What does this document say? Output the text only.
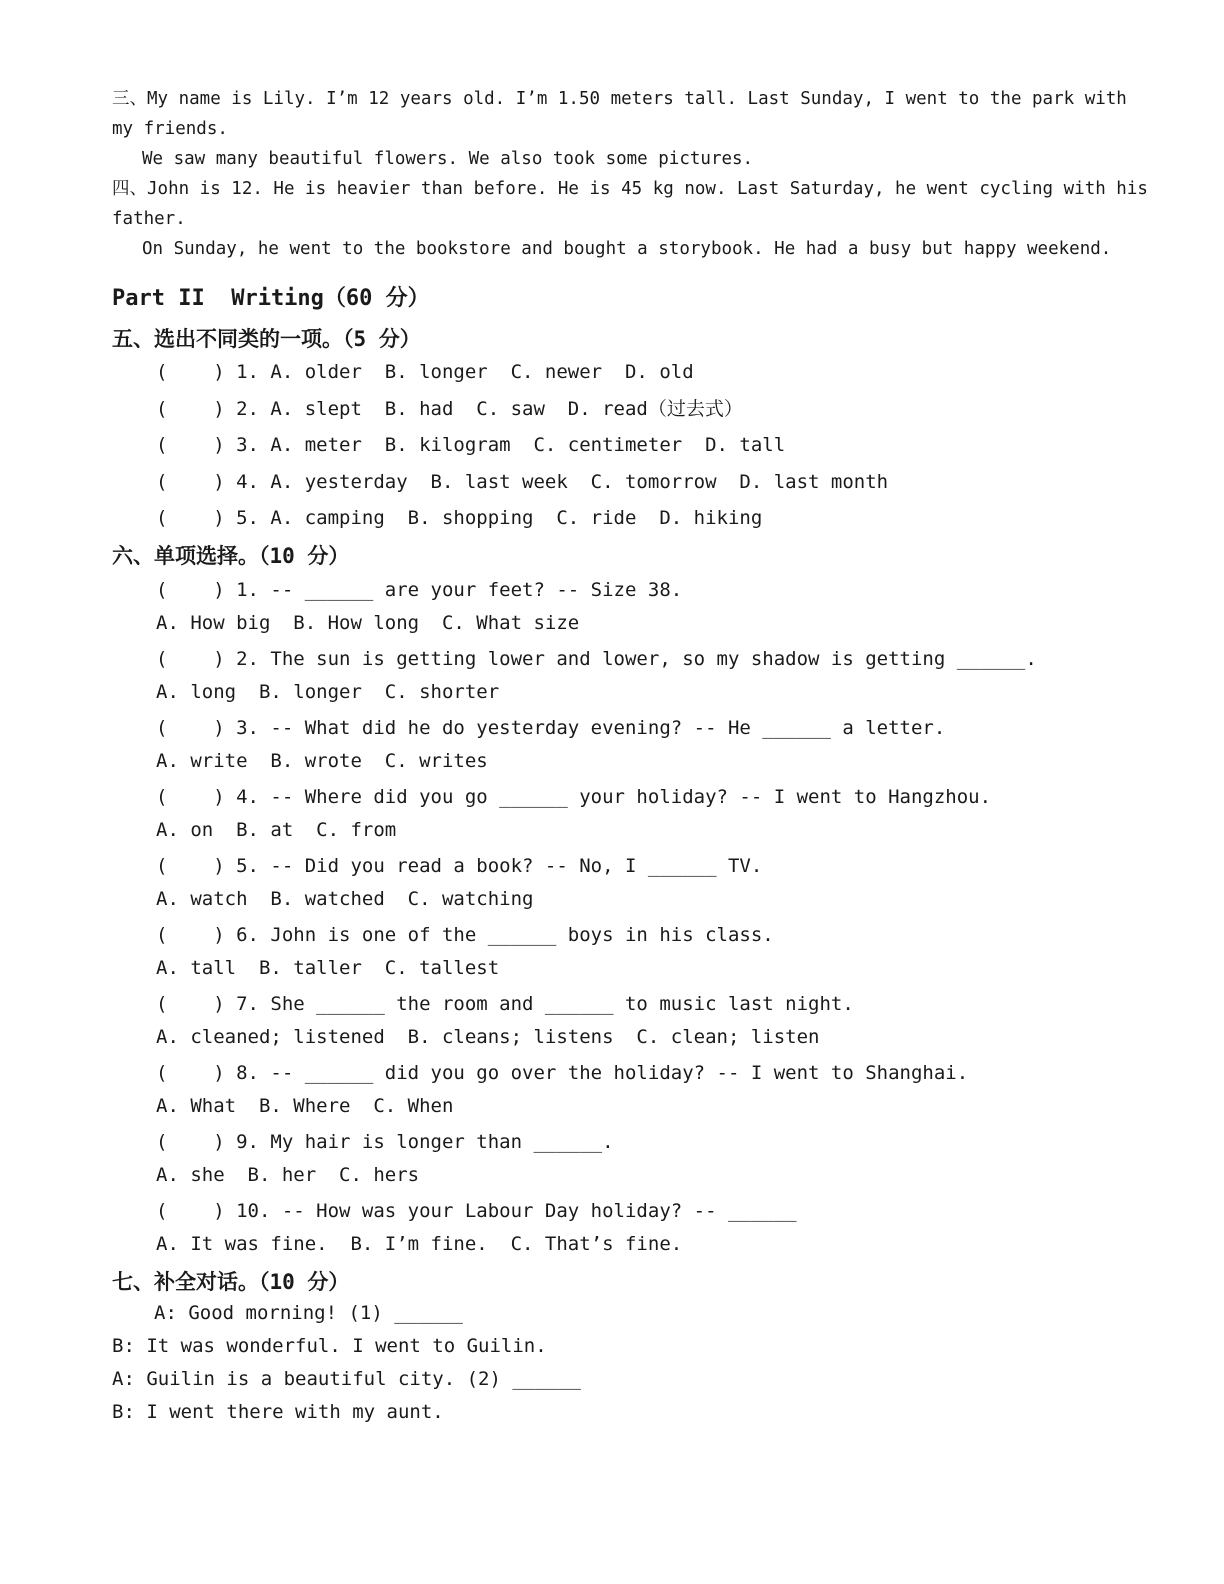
三、My name is Lily. I’m 12 years old. I’m 1.50 meters tall. Last Sunday, I went to the park with
my friends.
We saw many beautiful flowers. We also took some pictures.
四、John is 12. He is heavier than before. He is 45 kg now. Last Saturday, he went cycling with his
father.
On Sunday, he went to the bookstore and bought a storybook. He had a busy but happy weekend.
Part II  Writing（60 分）
五、选出不同类的一项。（5 分）
(    ) 1. A. older  B. longer  C. newer  D. old
(    ) 2. A. slept  B. had  C. saw  D. read（过去式）
(    ) 3. A. meter  B. kilogram  C. centimeter  D. tall
(    ) 4. A. yesterday  B. last week  C. tomorrow  D. last month
(    ) 5. A. camping  B. shopping  C. ride  D. hiking
六、单项选择。（10 分）
(    ) 1. -- ______ are your feet? -- Size 38.
A. How big  B. How long  C. What size
(    ) 2. The sun is getting lower and lower, so my shadow is getting ______.
A. long  B. longer  C. shorter
(    ) 3. -- What did he do yesterday evening? -- He ______ a letter.
A. write  B. wrote  C. writes
(    ) 4. -- Where did you go ______ your holiday? -- I went to Hangzhou.
A. on  B. at  C. from
(    ) 5. -- Did you read a book? -- No, I ______ TV.
A. watch  B. watched  C. watching
(    ) 6. John is one of the ______ boys in his class.
A. tall  B. taller  C. tallest
(    ) 7. She ______ the room and ______ to music last night.
A. cleaned; listened  B. cleans; listens  C. clean; listen
(    ) 8. -- ______ did you go over the holiday? -- I went to Shanghai.
A. What  B. Where  C. When
(    ) 9. My hair is longer than ______.
A. she  B. her  C. hers
(    ) 10. -- How was your Labour Day holiday? -- ______
A. It was fine.  B. I’m fine.  C. That’s fine.
七、补全对话。（10 分）
A: Good morning! (1) ______
B: It was wonderful. I went to Guilin.
A: Guilin is a beautiful city. (2) ______
B: I went there with my aunt.
